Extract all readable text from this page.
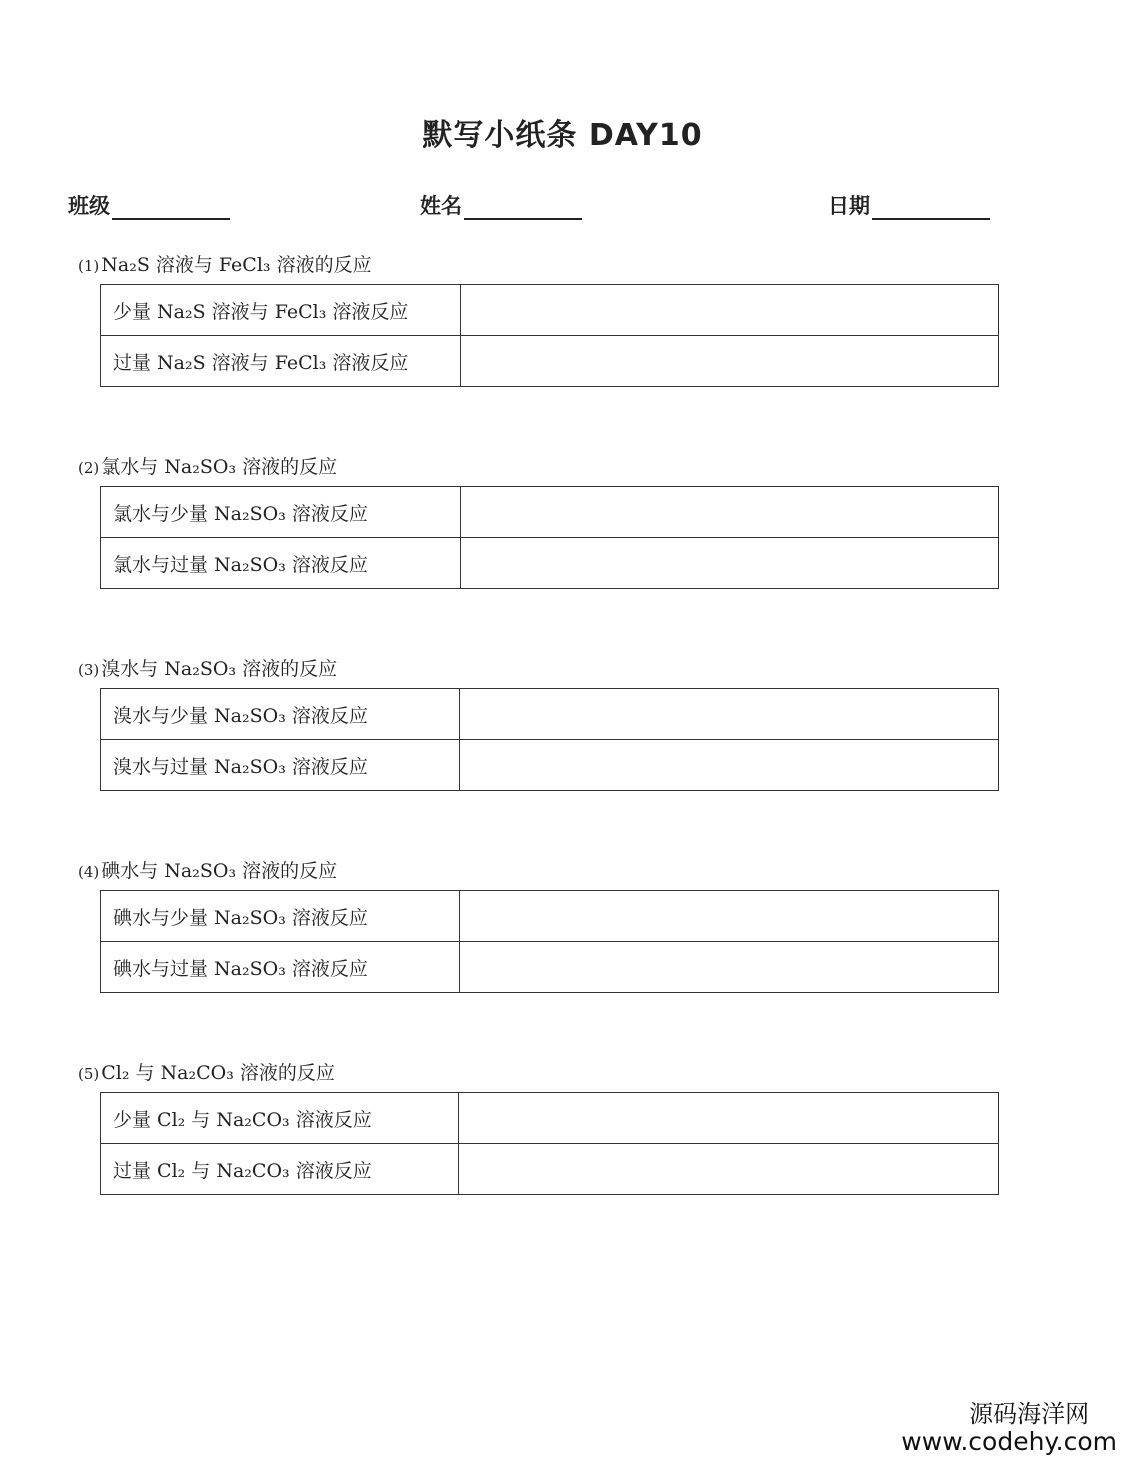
默写小纸条 DAY10
班级	姓名	日期
(1) Na₂S 溶液与 FeCl₃ 溶液的反应
少量 Na₂S 溶液与 FeCl₃ 溶液反应	
过量 Na₂S 溶液与 FeCl₃ 溶液反应	
(2) 氯水与 Na₂SO₃ 溶液的反应
氯水与少量 Na₂SO₃ 溶液反应	
氯水与过量 Na₂SO₃ 溶液反应	
(3) 溴水与 Na₂SO₃ 溶液的反应
溴水与少量 Na₂SO₃ 溶液反应	
溴水与过量 Na₂SO₃ 溶液反应	
(4) 碘水与 Na₂SO₃ 溶液的反应
碘水与少量 Na₂SO₃ 溶液反应	
碘水与过量 Na₂SO₃ 溶液反应	
(5) Cl₂ 与 Na₂CO₃ 溶液的反应
少量 Cl₂ 与 Na₂CO₃ 溶液反应	
过量 Cl₂ 与 Na₂CO₃ 溶液反应	
源码海洋网
www.codehy.com
